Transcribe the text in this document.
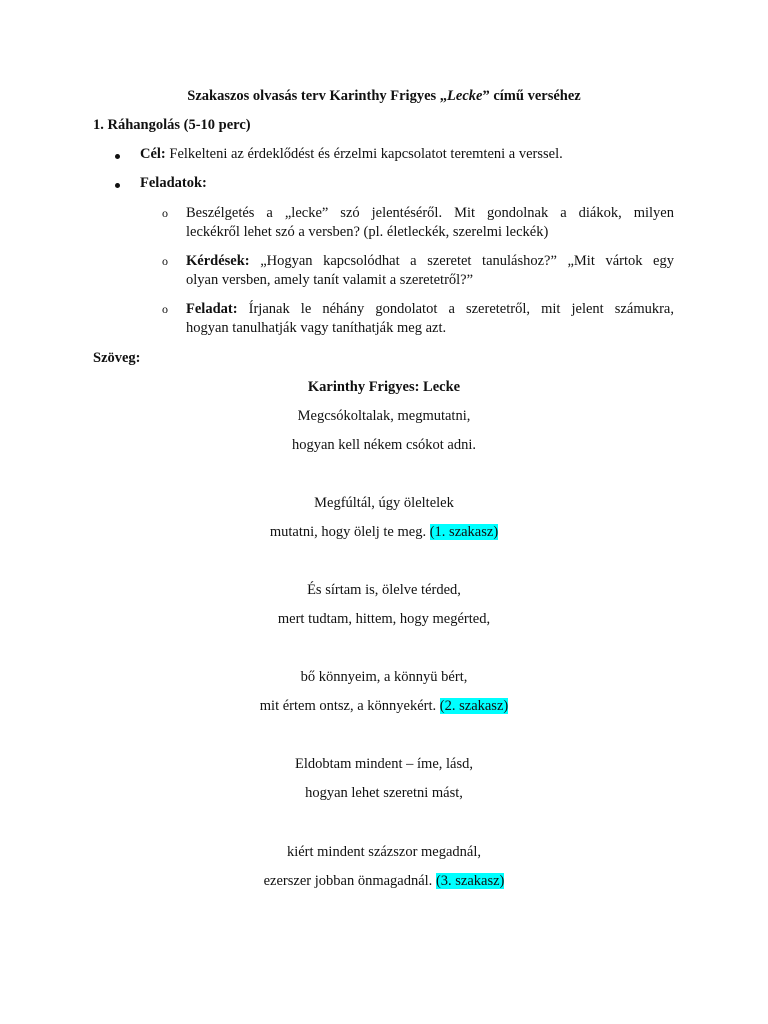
Szakaszos olvasás terv Karinthy Frigyes „Lecke” című verséhez
1. Ráhangolás (5-10 perc)
Cél: Felkelteni az érdeklődést és érzelmi kapcsolatot teremteni a verssel.
Feladatok:
o Beszélgetés a „lecke” szó jelentéséről. Mit gondolnak a diákok, milyen
leckékről lehet szó a versben? (pl. életleckék, szerelmi leckék)
o Kérdések: „Hogyan kapcsolódhat a szeretet tanuláshoz?” „Mit vártok egy
olyan versben, amely tanít valamit a szeretetről?”
o Feladat: Írjanak le néhány gondolatot a szeretetről, mit jelent számukra,
hogyan tanulhatják vagy taníthatják meg azt.
Szöveg:
Karinthy Frigyes: Lecke
Megcsókoltalak, megmutatni,
hogyan kell nékem csókot adni.
Megfúltál, úgy öleltelek
mutatni, hogy ölelj te meg. (1. szakasz)
És sírtam is, ölelve térded,
mert tudtam, hittem, hogy megérted,
bő könnyeim, a könnyü bért,
mit értem ontsz, a könnyekért. (2. szakasz)
Eldobtam mindent – íme, lásd,
hogyan lehet szeretni mást,
kiért mindent százszor megadnál,
ezerszer jobban önmagadnál. (3. szakasz)
